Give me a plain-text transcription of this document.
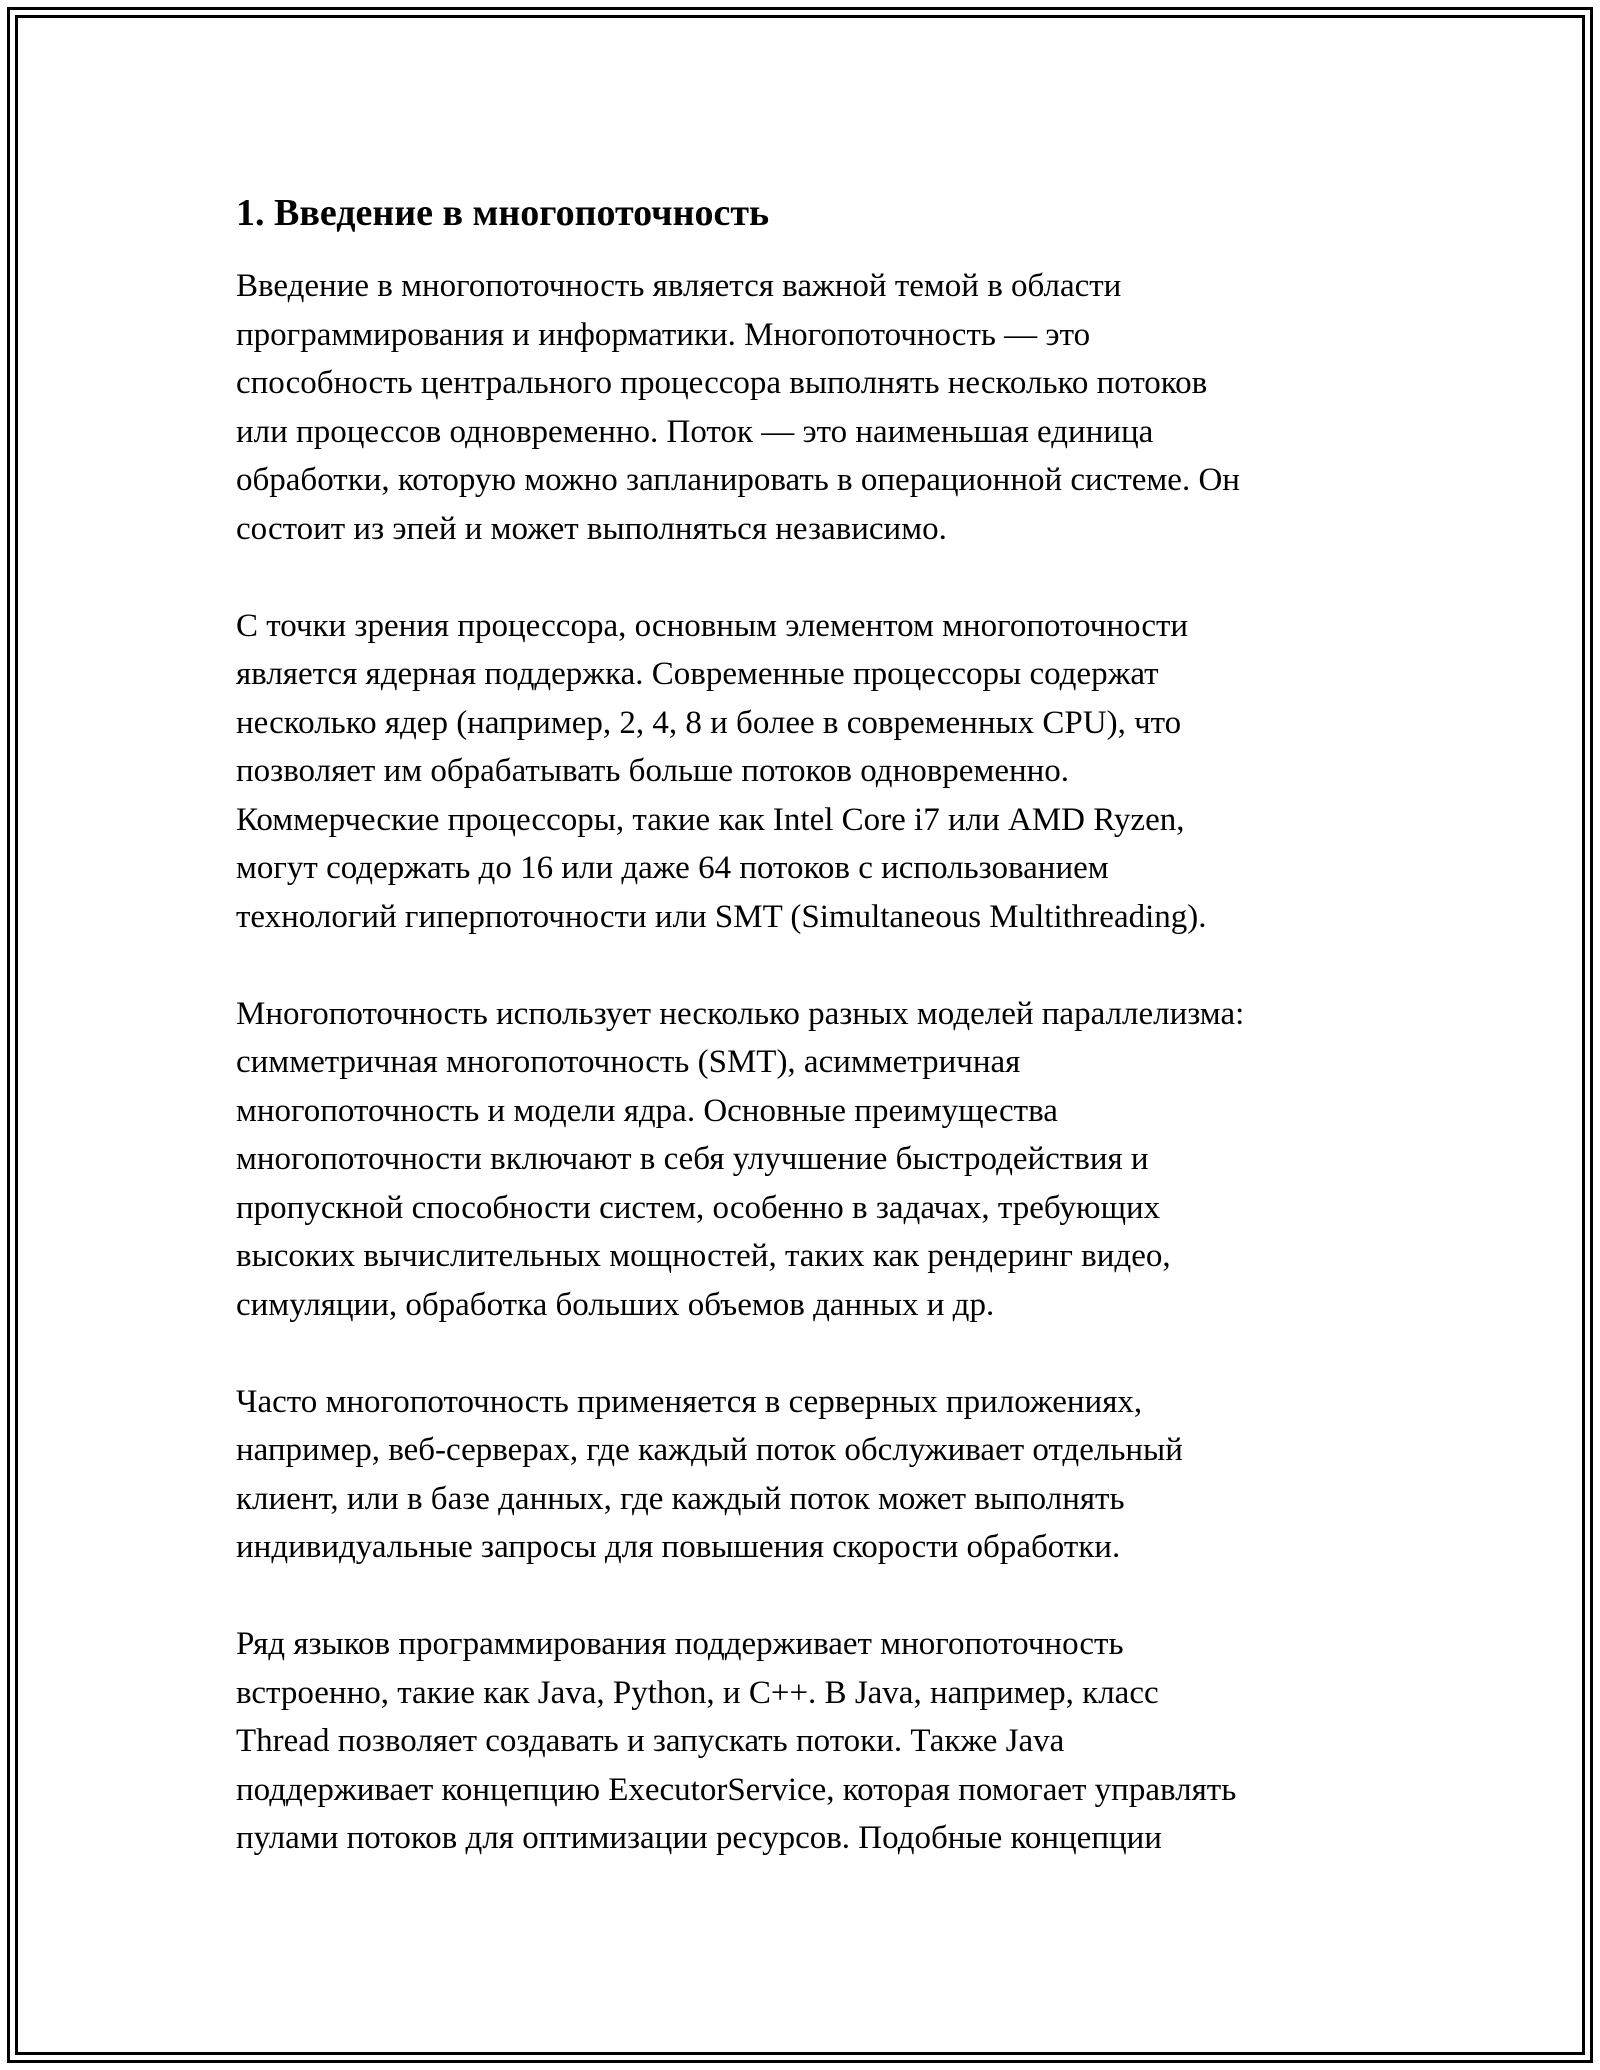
1. Введение в многопоточность
Введение в многопоточность является важной темой в области
программирования и информатики. Многопоточность — это
способность центрального процессора выполнять несколько потоков
или процессов одновременно. Поток — это наименьшая единица
обработки, которую можно запланировать в операционной системе. Он
состоит из эпей и может выполняться независимо.
С точки зрения процессора, основным элементом многопоточности
является ядерная поддержка. Современные процессоры содержат
несколько ядер (например, 2, 4, 8 и более в современных CPU), что
позволяет им обрабатывать больше потоков одновременно.
Коммерческие процессоры, такие как Intel Core i7 или AMD Ryzen,
могут содержать до 16 или даже 64 потоков с использованием
технологий гиперпоточности или SMT (Simultaneous Multithreading).
Многопоточность использует несколько разных моделей параллелизма:
симметричная многопоточность (SMT), асимметричная
многопоточность и модели ядра. Основные преимущества
многопоточности включают в себя улучшение быстродействия и
пропускной способности систем, особенно в задачах, требующих
высоких вычислительных мощностей, таких как рендеринг видео,
симуляции, обработка больших объемов данных и др.
Часто многопоточность применяется в серверных приложениях,
например, веб-серверах, где каждый поток обслуживает отдельный
клиент, или в базе данных, где каждый поток может выполнять
индивидуальные запросы для повышения скорости обработки.
Ряд языков программирования поддерживает многопоточность
встроенно, такие как Java, Python, и C++. В Java, например, класс
Thread позволяет создавать и запускать потоки. Также Java
поддерживает концепцию ExecutorService, которая помогает управлять
пулами потоков для оптимизации ресурсов. Подобные концепции
